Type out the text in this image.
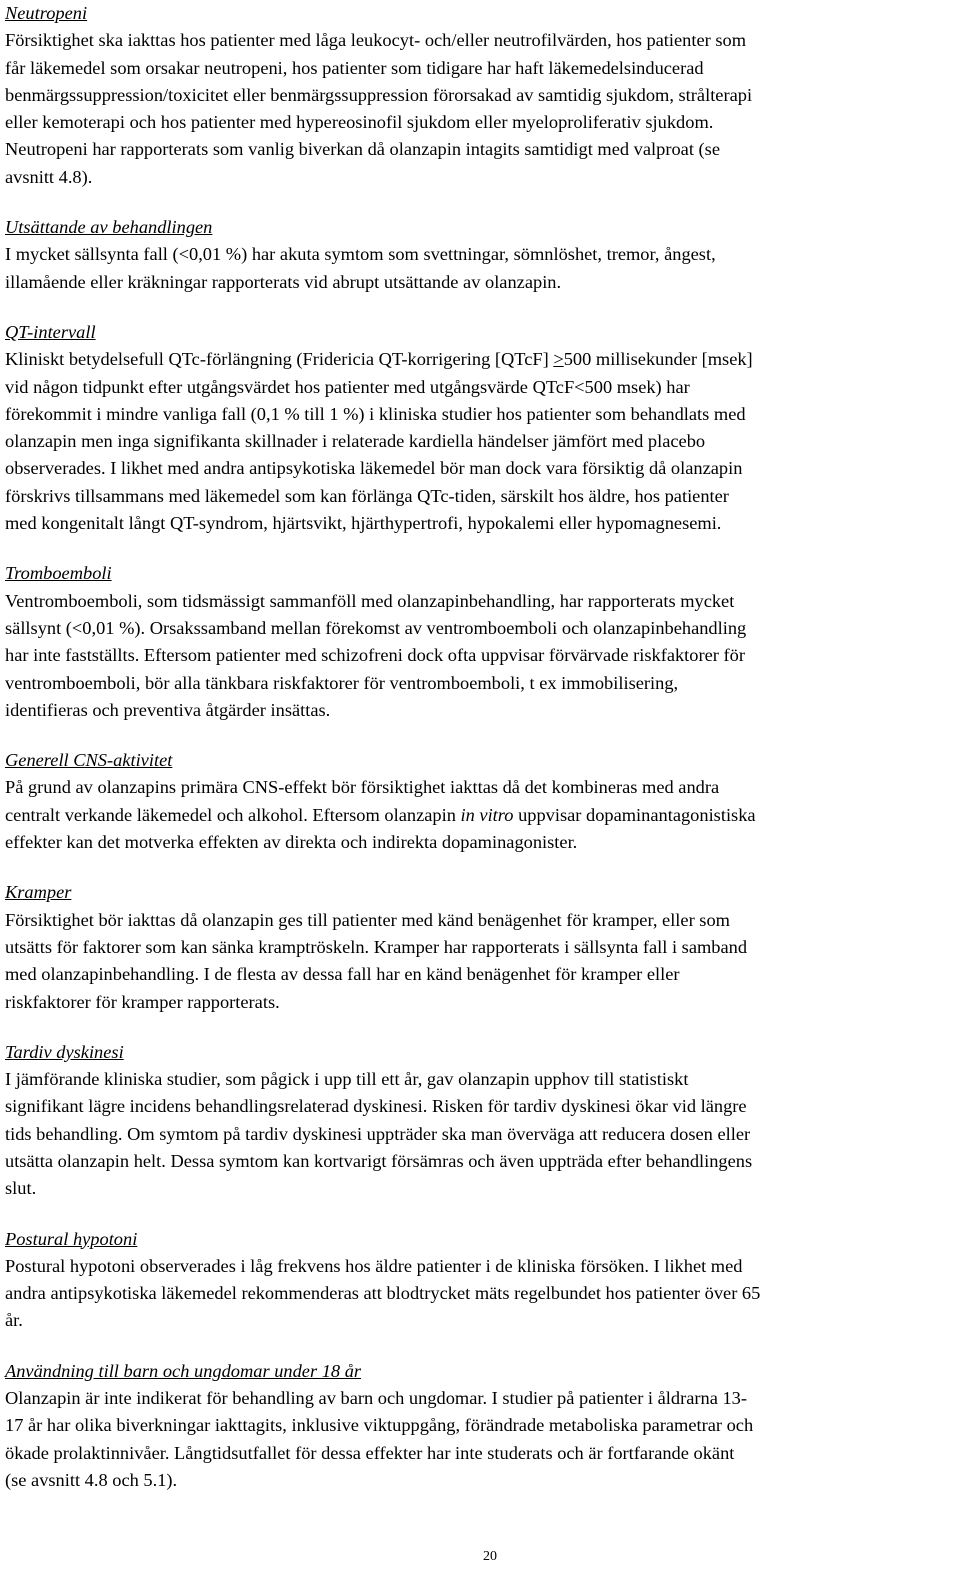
Neutropeni

Försiktighet ska iakttas hos patienter med låga leukocyt- och/eller neutrofilvärden, hos patienter som
får läkemedel som orsakar neutropeni, hos patienter som tidigare har haft läkemedelsinducerad
benmärgssuppression/toxicitet eller benmärgssuppression förorsakad av samtidig sjukdom, strålterapi
eller kemoterapi och hos patienter med hypereosinofil sjukdom eller myeloproliferativ sjukdom.
Neutropeni har rapporterats som vanlig biverkan då olanzapin intagits samtidigt med valproat (se
avsnitt 4.8).

Utsättande av behandlingen

I mycket sällsynta fall (<0,01 %) har akuta symtom som svettningar, sömnlöshet, tremor, ångest,
illamående eller kräkningar rapporterats vid abrupt utsättande av olanzapin.

QT-intervall

Kliniskt betydelsefull QTc-förlängning (Fridericia QT-korrigering [QTcF] ≥500 millisekunder [msek]
vid någon tidpunkt efter utgångsvärdet hos patienter med utgångsvärde QTcF<500 msek) har
förekommit i mindre vanliga fall (0,1 % till 1 %) i kliniska studier hos patienter som behandlats med
olanzapin men inga signifikanta skillnader i relaterade kardiella händelser jämfört med placebo
observerades. I likhet med andra antipsykotiska läkemedel bör man dock vara försiktig då olanzapin
förskrivs tillsammans med läkemedel som kan förlänga QTc-tiden, särskilt hos äldre, hos patienter
med kongenitalt långt QT-syndrom, hjärtsvikt, hjärthypertrofi, hypokalemi eller hypomagnesemi.

Tromboemboli

Ventromboemboli, som tidsmässigt sammanföll med olanzapinbehandling, har rapporterats mycket
sällsynt (<0,01 %). Orsakssamband mellan förekomst av ventromboemboli och olanzapinbehandling
har inte fastställts. Eftersom patienter med schizofreni dock ofta uppvisar förvärvade riskfaktorer för
ventromboemboli, bör alla tänkbara riskfaktorer för ventromboemboli, t ex immobilisering,
identifieras och preventiva åtgärder insättas.

Generell CNS-aktivitet

På grund av olanzapins primära CNS-effekt bör försiktighet iakttas då det kombineras med andra
centralt verkande läkemedel och alkohol. Eftersom olanzapin in vitro uppvisar dopaminantagonistiska
effekter kan det motverka effekten av direkta och indirekta dopaminagonister.

Kramper

Försiktighet bör iakttas då olanzapin ges till patienter med känd benägenhet för kramper, eller som
utsätts för faktorer som kan sänka kramptröskeln. Kramper har rapporterats i sällsynta fall i samband
med olanzapinbehandling. I de flesta av dessa fall har en känd benägenhet för kramper eller
riskfaktorer för kramper rapporterats.

Tardiv dyskinesi

I jämförande kliniska studier, som pågick i upp till ett år, gav olanzapin upphov till statistiskt
signifikant lägre incidens behandlingsrelaterad dyskinesi. Risken för tardiv dyskinesi ökar vid längre
tids behandling. Om symtom på tardiv dyskinesi uppträder ska man överväga att reducera dosen eller
utsätta olanzapin helt. Dessa symtom kan kortvarigt försämras och även uppträda efter behandlingens
slut.

Postural hypotoni

Postural hypotoni observerades i låg frekvens hos äldre patienter i de kliniska försöken. I likhet med
andra antipsykotiska läkemedel rekommenderas att blodtrycket mäts regelbundet hos patienter över 65
år.

Användning till barn och ungdomar under 18 år

Olanzapin är inte indikerat för behandling av barn och ungdomar. I studier på patienter i åldrarna 13-
17 år har olika biverkningar iakttagits, inklusive viktuppgång, förändrade metaboliska parametrar och
ökade prolaktinnivåer. Långtidsutfallet för dessa effekter har inte studerats och är fortfarande okänt
(se avsnitt 4.8 och 5.1).

20
